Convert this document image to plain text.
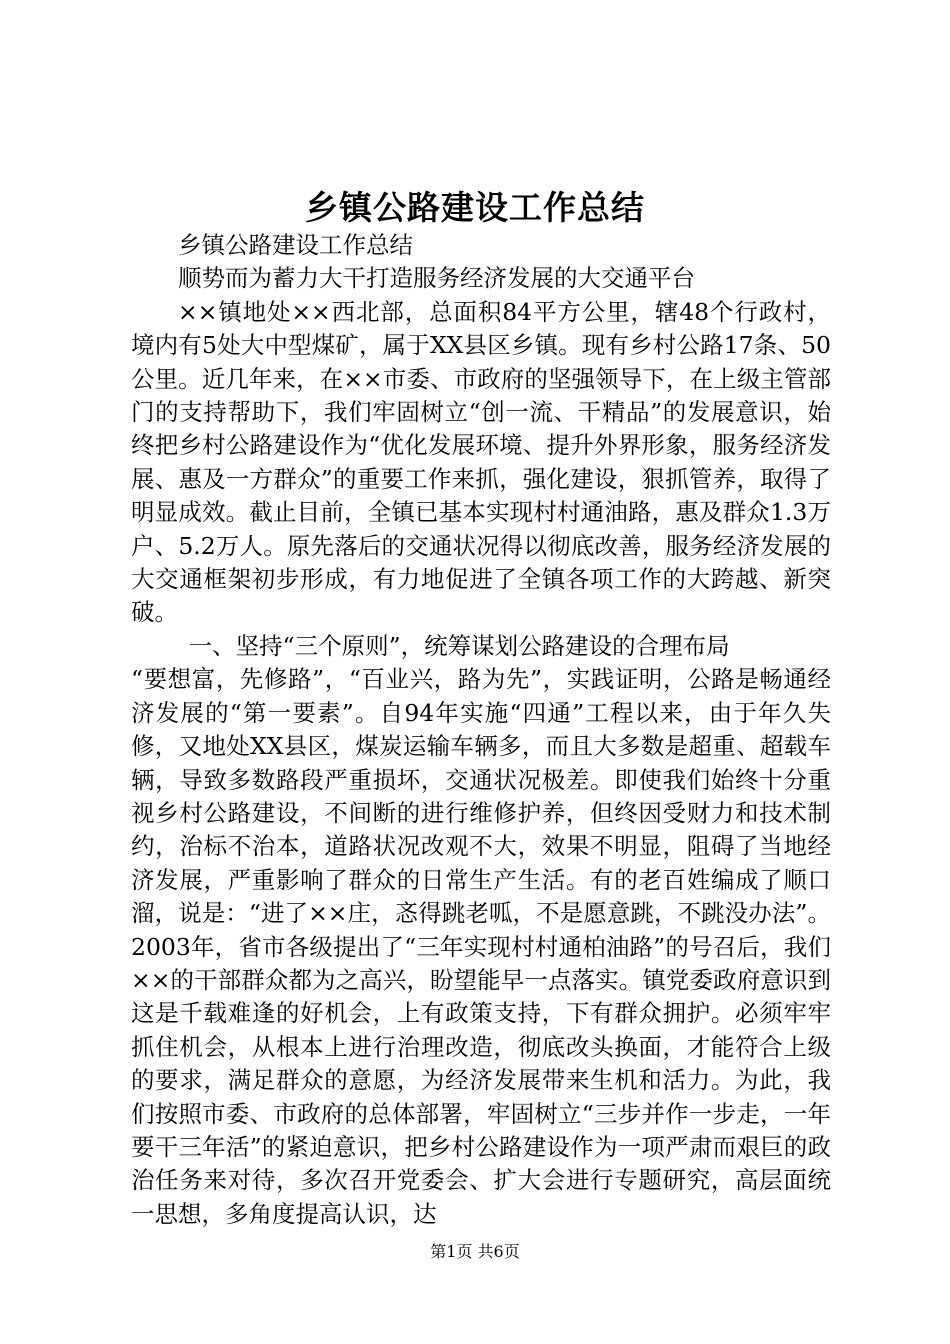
乡镇公路建设工作总结

乡镇公路建设工作总结

顺势而为蓄力大干打造服务经济发展的大交通平台

××镇地处××西北部，总面积84平方公里，辖48个行政村，境内有5处大中型煤矿，属于XX县区乡镇。现有乡村公路17条、50公里。近几年来，在××市委、市政府的坚强领导下，在上级主管部门的支持帮助下，我们牢固树立“创一流、干精品”的发展意识，始终把乡村公路建设作为“优化发展环境、提升外界形象，服务经济发展、惠及一方群众”的重要工作来抓，强化建设，狠抓管养，取得了明显成效。截止目前，全镇已基本实现村村通油路，惠及群众1.3万户、5.2万人。原先落后的交通状况得以彻底改善，服务经济发展的大交通框架初步形成，有力地促进了全镇各项工作的大跨越、新突破。

一、坚持“三个原则”，统筹谋划公路建设的合理布局

“要想富，先修路”，“百业兴，路为先”，实践证明，公路是畅通经济发展的“第一要素”。自94年实施“四通”工程以来，由于年久失修，又地处XX县区，煤炭运输车辆多，而且大多数是超重、超载车辆，导致多数路段严重损坏，交通状况极差。即使我们始终十分重视乡村公路建设，不间断的进行维修护养，但终因受财力和技术制约，治标不治本，道路状况改观不大，效果不明显，阻碍了当地经济发展，严重影响了群众的日常生产生活。有的老百姓编成了顺口溜，说是：“进了××庄，忞得跳老呱，不是愿意跳，不跳没办法”。2003年，省市各级提出了“三年实现村村通柏油路”的号召后，我们××的干部群众都为之高兴，盼望能早一点落实。镇党委政府意识到这是千载难逢的好机会，上有政策支持，下有群众拥护。必须牢牢抓住机会，从根本上进行治理改造，彻底改头换面，才能符合上级的要求，满足群众的意愿，为经济发展带来生机和活力。为此，我们按照市委、市政府的总体部署，牢固树立“三步并作一步走，一年要干三年活”的紧迫意识，把乡村公路建设作为一项严肃而艰巨的政治任务来对待，多次召开党委会、扩大会进行专题研究，高层面统一思想，多角度提高认识，达

第1页 共6页
